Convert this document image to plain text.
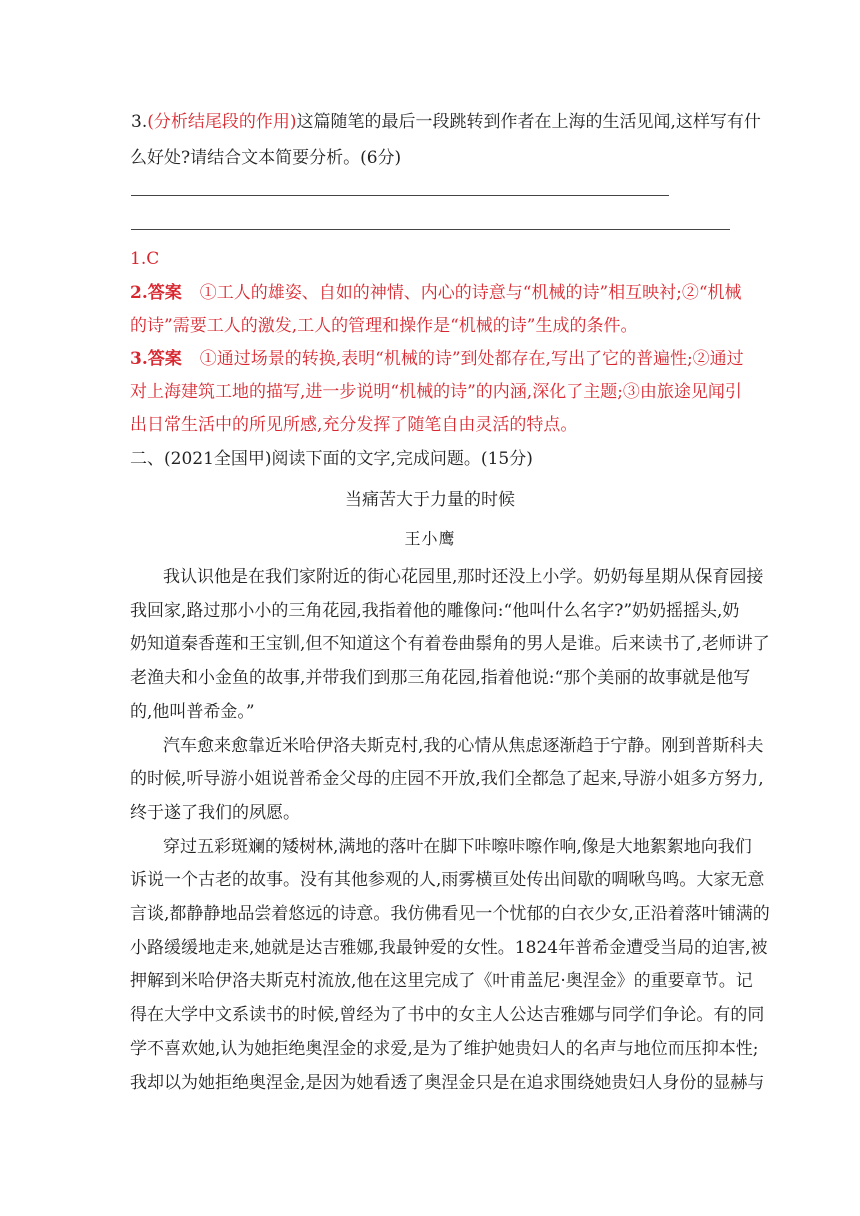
3.(分析结尾段的作用)这篇随笔的最后一段跳转到作者在上海的生活见闻,这样写有什
么好处?请结合文本简要分析。(6分)
1.C
2.答案 ①工人的雄姿、自如的神情、内心的诗意与“机械的诗”相互映衬;②“机械
的诗”需要工人的激发,工人的管理和操作是“机械的诗”生成的条件。
3.答案 ①通过场景的转换,表明“机械的诗”到处都存在,写出了它的普遍性;②通过
对上海建筑工地的描写,进一步说明“机械的诗”的内涵,深化了主题;③由旅途见闻引
出日常生活中的所见所感,充分发挥了随笔自由灵活的特点。
二、(2021全国甲)阅读下面的文字,完成问题。(15分)
当痛苦大于力量的时候
王小鹰
我认识他是在我们家附近的街心花园里,那时还没上小学。奶奶每星期从保育园接
我回家,路过那小小的三角花园,我指着他的雕像问:“他叫什么名字?”奶奶摇摇头,奶
奶知道秦香莲和王宝钏,但不知道这个有着卷曲鬃角的男人是谁。后来读书了,老师讲了
老渔夫和小金鱼的故事,并带我们到那三角花园,指着他说:“那个美丽的故事就是他写
的,他叫普希金。”
汽车愈来愈靠近米哈伊洛夫斯克村,我的心情从焦虑逐渐趋于宁静。刚到普斯科夫
的时候,听导游小姐说普希金父母的庄园不开放,我们全都急了起来,导游小姐多方努力,
终于遂了我们的夙愿。
穿过五彩斑斓的矮树林,满地的落叶在脚下咔嚓咔嚓作响,像是大地絮絮地向我们
诉说一个古老的故事。没有其他参观的人,雨雾横亘处传出间歇的啁啾鸟鸣。大家无意
言谈,都静静地品尝着悠远的诗意。我仿佛看见一个忧郁的白衣少女,正沿着落叶铺满的
小路缓缓地走来,她就是达吉雅娜,我最钟爱的女性。1824年普希金遭受当局的迫害,被
押解到米哈伊洛夫斯克村流放,他在这里完成了《叶甫盖尼·奥涅金》的重要章节。记
得在大学中文系读书的时候,曾经为了书中的女主人公达吉雅娜与同学们争论。有的同
学不喜欢她,认为她拒绝奥涅金的求爱,是为了维护她贵妇人的名声与地位而压抑本性;
我却以为她拒绝奥涅金,是因为她看透了奥涅金只是在追求围绕她贵妇人身份的显赫与
